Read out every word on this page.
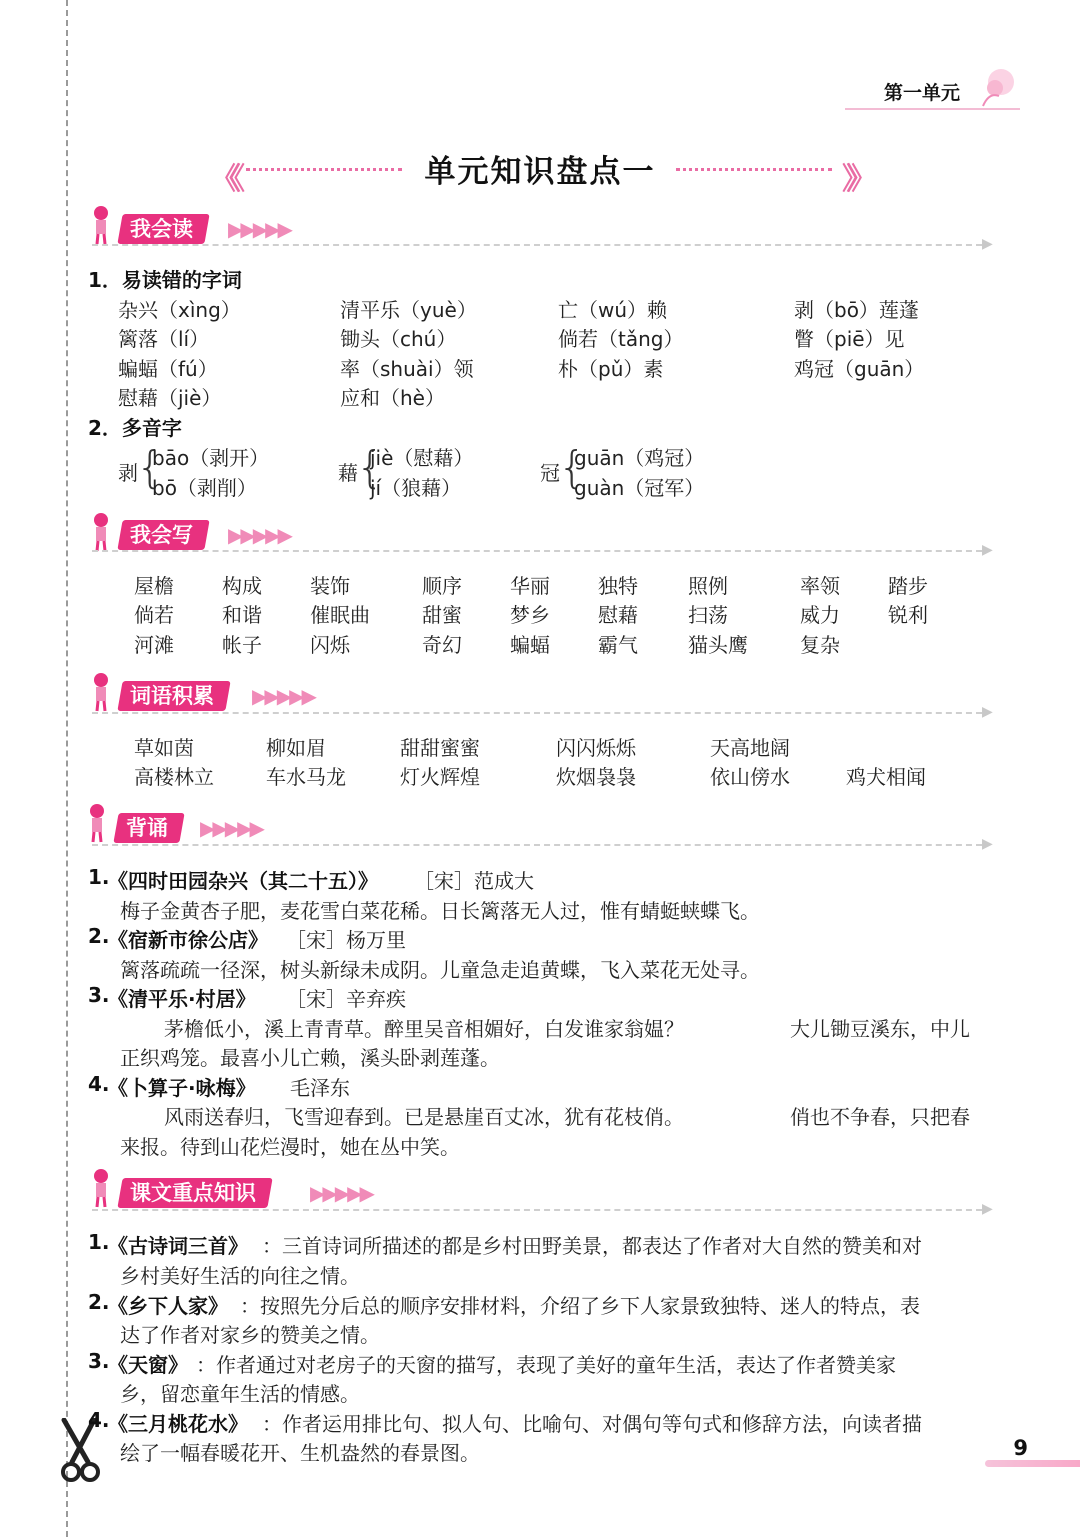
第一单元
《《	单元知识盘点一	》》
我会读	▶▶▶▶▶
▶
1．易读错的字词
杂兴（xìng）	清平乐（yuè）	亡（wú）赖	剥（bō）莲蓬
篱落（lí）	锄头（chú）	倘若（tǎng）	瞥（piē）见
蝙蝠（fú）	率（shuài）领	朴（pǔ）素	鸡冠（guān）
慰藉（jiè）	应和（hè）
2．多音字
剥
{
bāo（剥开）
bō（剥削）
藉
{
jiè（慰藉）
jí（狼藉）
冠
{
guān（鸡冠）
guàn（冠军）
我会写	▶▶▶▶▶
▶
屋檐 构成 装饰	顺序 华丽 独特	照例	率领 踏步
倘若 和谐 催眠曲	甜蜜 梦乡 慰藉	扫荡	威力 锐利
河滩 帐子 闪烁	奇幻 蝙蝠 霸气	猫头鹰	复杂
词语积累	▶▶▶▶▶
▶
草如茵	柳如眉	甜甜蜜蜜	闪闪烁烁	天高地阔
高楼林立	车水马龙	灯火辉煌	炊烟袅袅	依山傍水	鸡犬相闻
背诵	▶▶▶▶▶
▶
1.
《四时田园杂兴（其二十五）》 ［宋］范成大
梅子金黄杏子肥，麦花雪白菜花稀。日长篱落无人过，惟有蜻蜓蛱蝶飞。
2.
《宿新市徐公店》 ［宋］杨万里
篱落疏疏一径深，树头新绿未成阴。儿童急走追黄蝶，飞入菜花无处寻。
3.
《清平乐·村居》 ［宋］辛弃疾
茅檐低小，溪上青青草。醉里吴音相媚好，白发谁家翁媪？	大儿锄豆溪东，中儿
正织鸡笼。最喜小儿亡赖，溪头卧剥莲蓬。
4.
《卜算子·咏梅》 毛泽东
风雨送春归，飞雪迎春到。已是悬崖百丈冰，犹有花枝俏。	俏也不争春，只把春
来报。待到山花烂漫时，她在丛中笑。
课文重点知识	▶▶▶▶▶
▶
1.
《古诗词三首》 ：三首诗词所描述的都是乡村田野美景，都表达了作者对大自然的赞美和对
乡村美好生活的向往之情。
2.
《乡下人家》 ：按照先分后总的顺序安排材料，介绍了乡下人家景致独特、迷人的特点，表
达了作者对家乡的赞美之情。
3.
《天窗》 ：作者通过对老房子的天窗的描写，表现了美好的童年生活，表达了作者赞美家
乡，留恋童年生活的情感。
4.
《三月桃花水》 ：作者运用排比句、拟人句、比喻句、对偶句等句式和修辞方法，向读者描
绘了一幅春暖花开、生机盎然的春景图。	9
